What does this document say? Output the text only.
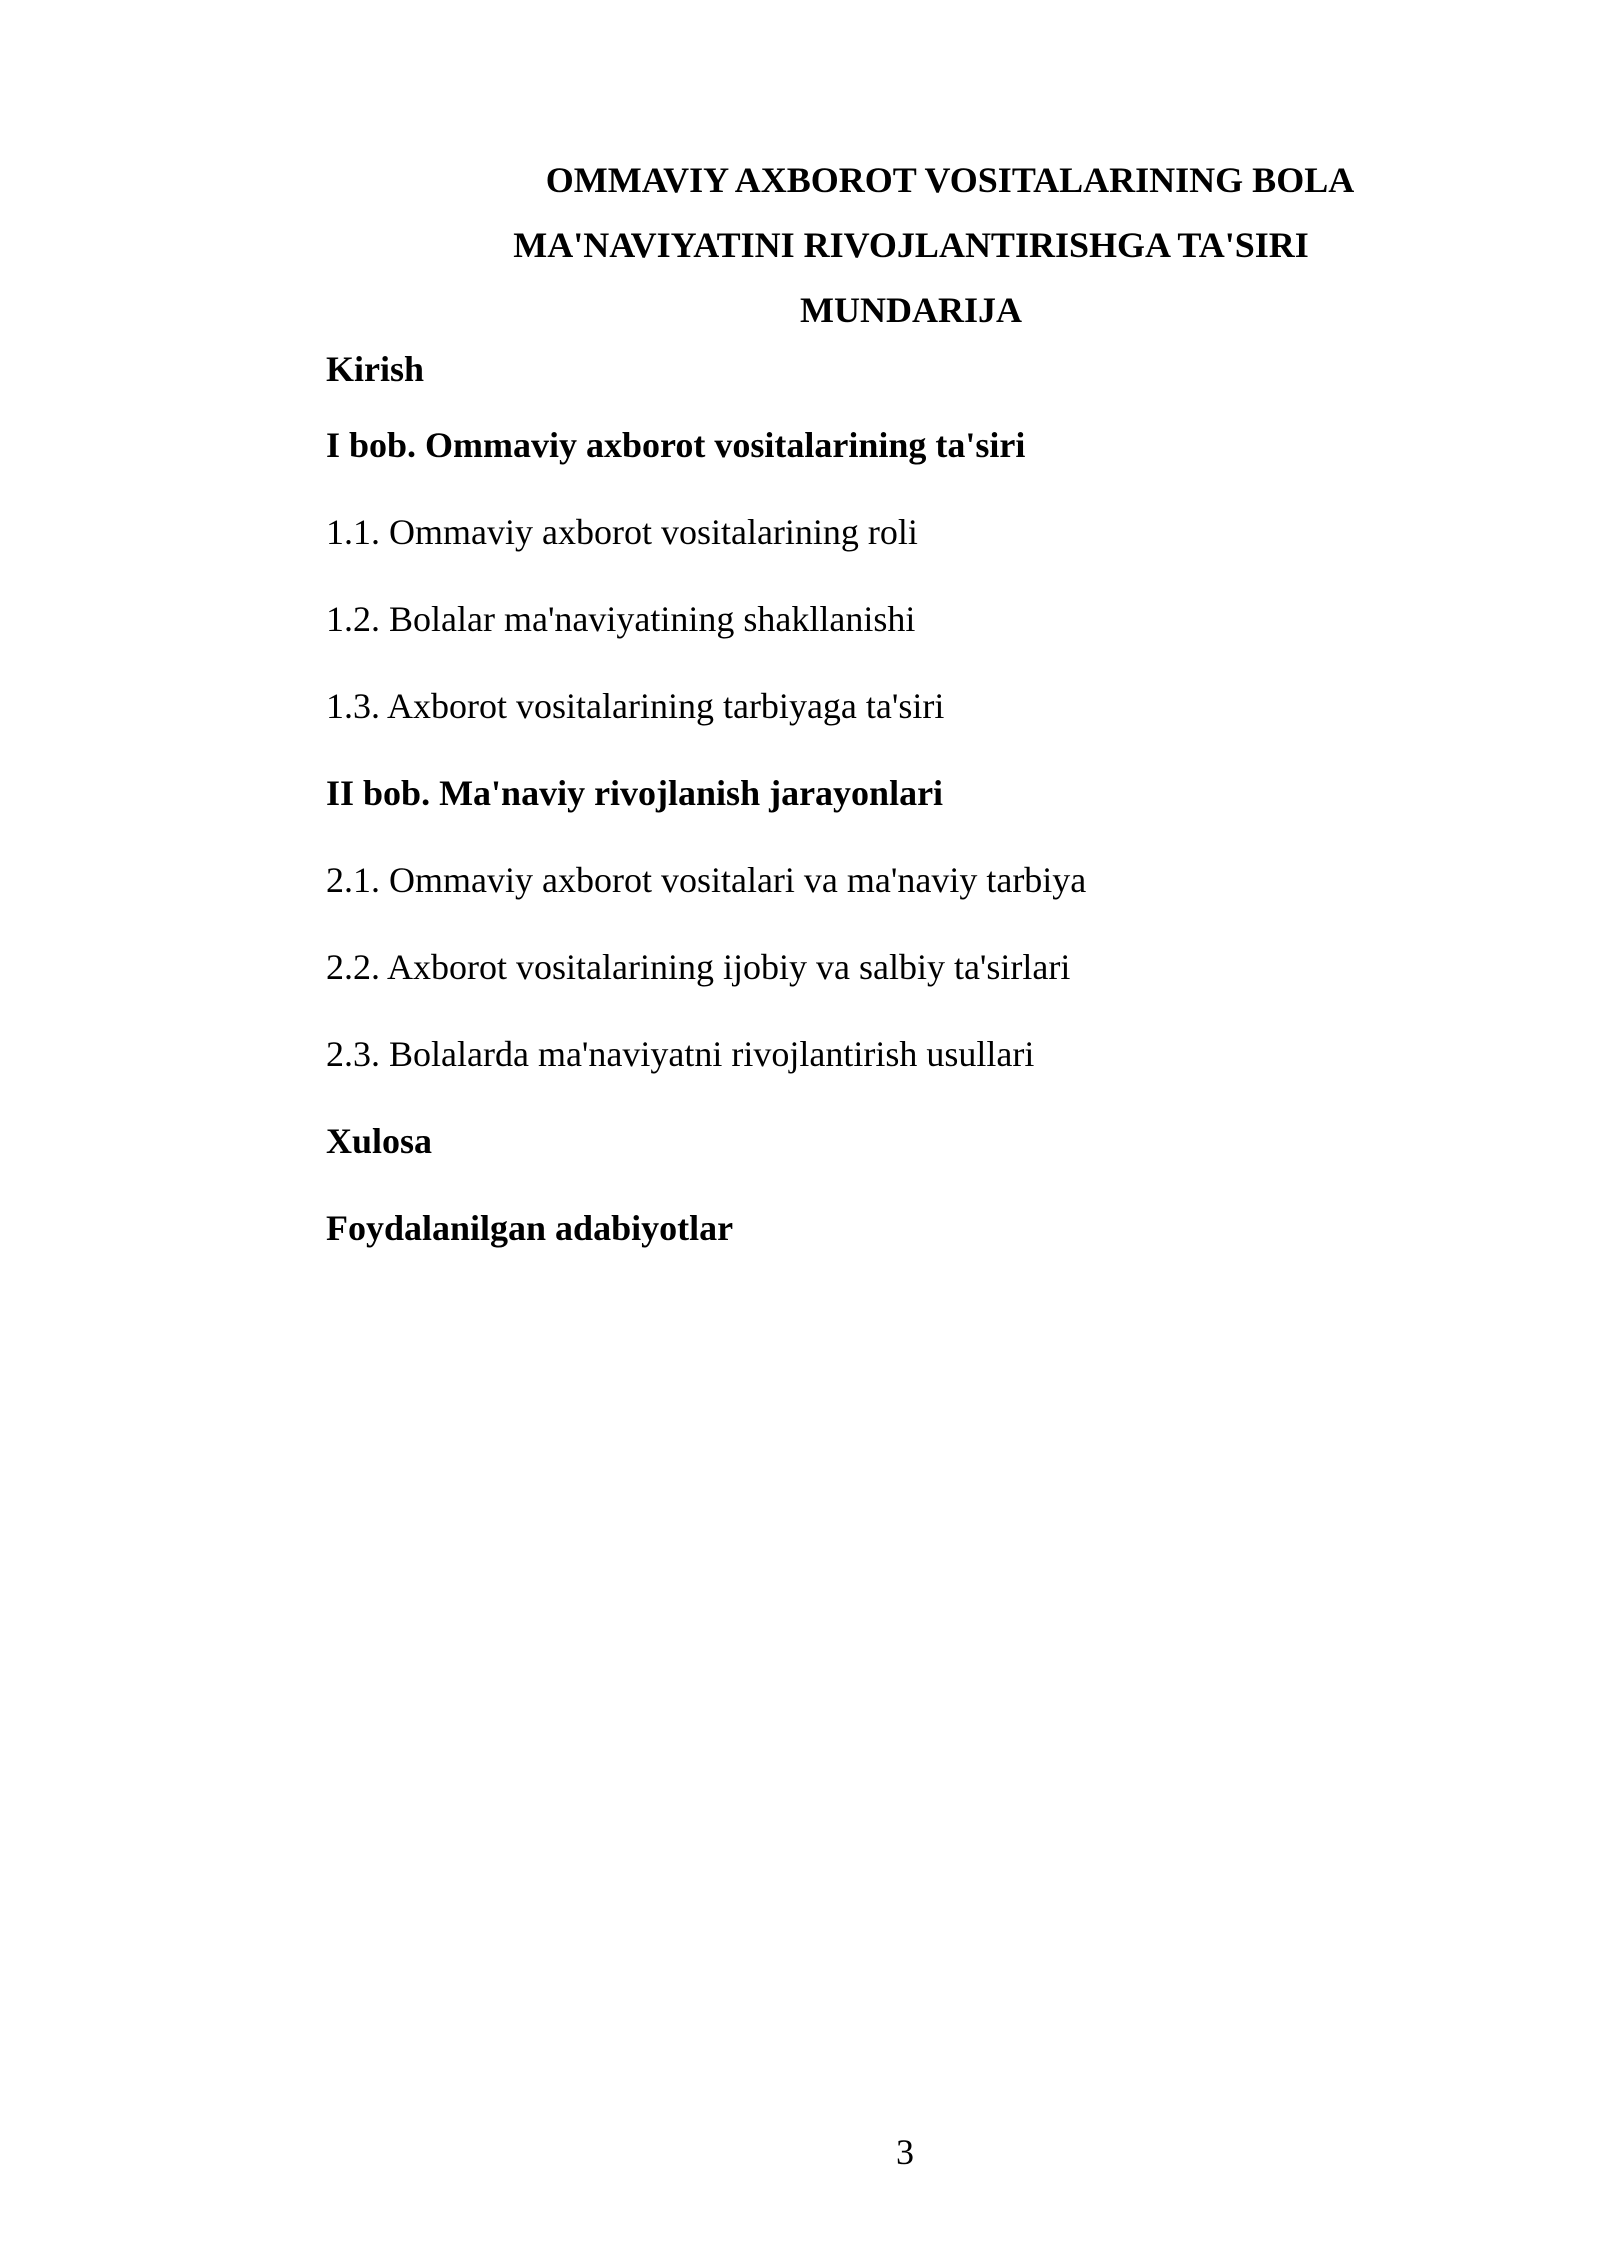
OMMAVIY AXBOROT VOSITALARINING BOLA
MA'NAVIYATINI RIVOJLANTIRISHGA TA'SIRI
MUNDARIJA
Kirish
I bob. Ommaviy axborot vositalarining ta'siri
1.1. Ommaviy axborot vositalarining roli
1.2. Bolalar ma'naviyatining shakllanishi
1.3. Axborot vositalarining tarbiyaga ta'siri
II bob. Ma'naviy rivojlanish jarayonlari
2.1. Ommaviy axborot vositalari va ma'naviy tarbiya
2.2. Axborot vositalarining ijobiy va salbiy ta'sirlari
2.3. Bolalarda ma'naviyatni rivojlantirish usullari
Xulosa
Foydalanilgan adabiyotlar
3
